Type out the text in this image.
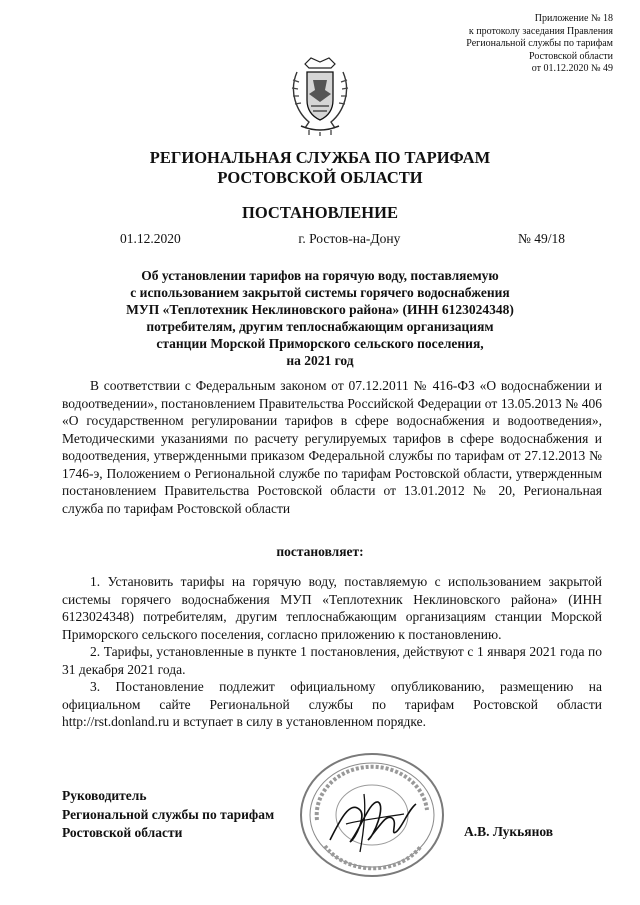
Приложение № 18
к протоколу заседания Правления
Региональной службы по тарифам
Ростовской области
от 01.12.2020 № 49
РЕГИОНАЛЬНАЯ СЛУЖБА ПО ТАРИФАМ
РОСТОВСКОЙ ОБЛАСТИ
ПОСТАНОВЛЕНИЕ
01.12.2020	г. Ростов-на-Дону	№ 49/18
Об установлении тарифов на горячую воду, поставляемую
с использованием закрытой системы горячего водоснабжения
МУП «Теплотехник Неклиновского района» (ИНН 6123024348)
потребителям, другим теплоснабжающим организациям
станции Морской Приморского сельского поселения,
на 2021 год

В соответствии с Федеральным законом от 07.12.2011 № 416-ФЗ «О водоснабжении и водоотведении», постановлением Правительства Российской Федерации от 13.05.2013 № 406 «О государственном регулировании тарифов в сфере водоснабжения и водоотведения», Методическими указаниями по расчету регулируемых тарифов в сфере водоснабжения и водоотведения, утвержденными приказом Федеральной службы по тарифам от 27.12.2013 № 1746-э, Положением о Региональной службе по тарифам Ростовской области, утвержденным постановлением Правительства Ростовской области от 13.01.2012 № 20, Региональная служба по тарифам Ростовской области

постановляет:

1. Установить тарифы на горячую воду, поставляемую с использованием закрытой системы горячего водоснабжения МУП «Теплотехник Неклиновского района» (ИНН 6123024348) потребителям, другим теплоснабжающим организациям станции Морской Приморского сельского поселения, согласно приложению к постановлению.

2. Тарифы, установленные в пункте 1 постановления, действуют с 1 января 2021 года по 31 декабря 2021 года.

3. Постановление подлежит официальному опубликованию, размещению на официальном сайте Региональной службы по тарифам Ростовской области http://rst.donland.ru и вступает в силу в установленном порядке.

Руководитель
Региональной службы по тарифам
Ростовской области	А.В. Лукьянов
